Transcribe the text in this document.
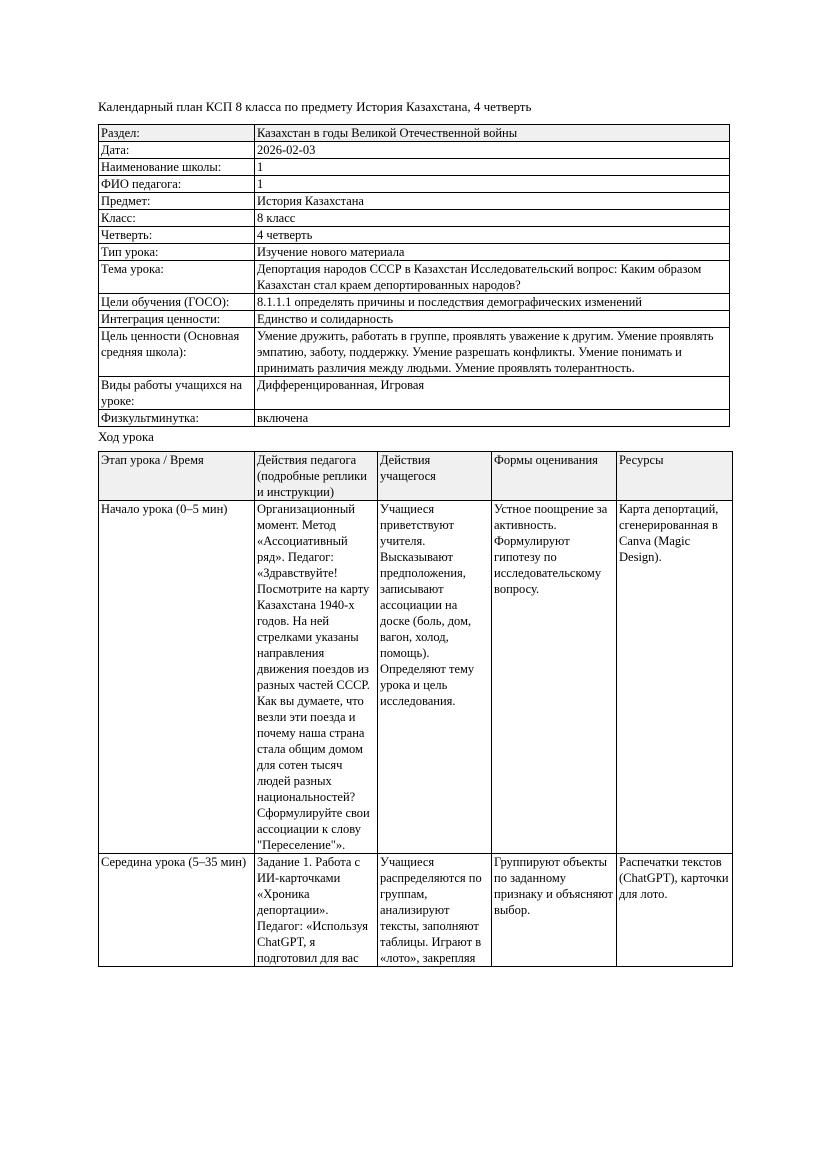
Календарный план КСП 8 класса по предмету История Казахстана, 4 четверть
Раздел:	Казахстан в годы Великой Отечественной войны
Дата:	2026-02-03
Наименование школы:	1
ФИО педагога:	1
Предмет:	История Казахстана
Класс:	8 класс
Четверть:	4 четверть
Тип урока:	Изучение нового материала
Тема урока:	Депортация народов СССР в Казахстан Исследовательский вопрос: Каким образом Казахстан стал краем депортированных народов?
Цели обучения (ГОСО):	8.1.1.1 определять причины и последствия демографических изменений
Интеграция ценности:	Единство и солидарность
Цель ценности (Основная средняя школа):	Умение дружить, работать в группе, проявлять уважение к другим. Умение проявлять эмпатию, заботу, поддержку. Умение разрешать конфликты. Умение понимать и принимать различия между людьми. Умение проявлять толерантность.
Виды работы учащихся на уроке:	Дифференцированная, Игровая
Физкультминутка:	включена
Ход урока
Этап урока / Время	Действия педагога (подробные реплики и инструкции)	Действия учащегося	Формы оценивания	Ресурсы
Начало урока (0–5 мин)	Организационный момент. Метод «Ассоциативный ряд». Педагог: «Здравствуйте! Посмотрите на карту Казахстана 1940-х годов. На ней стрелками указаны направления движения поездов из разных частей СССР. Как вы думаете, что везли эти поезда и почему наша страна стала общим домом для сотен тысяч людей разных национальностей? Сформулируйте свои ассоциации к слову "Переселение"».	Учащиеся приветствуют учителя. Высказывают предположения, записывают ассоциации на доске (боль, дом, вагон, холод, помощь). Определяют тему урока и цель исследования.	Устное поощрение за активность. Формулируют гипотезу по исследовательскому вопросу.	Карта депортаций, сгенерированная в Canva (Magic Design).
Середина урока (5–35 мин)	Задание 1. Работа с ИИ-карточками «Хроника депортации». Педагог: «Используя ChatGPT, я подготовил для вас	Учащиеся распределяются по группам, анализируют тексты, заполняют таблицы. Играют в «лото», закрепляя	Группируют объекты по заданному признаку и объясняют выбор.	Распечатки текстов (ChatGPT), карточки для лото.
